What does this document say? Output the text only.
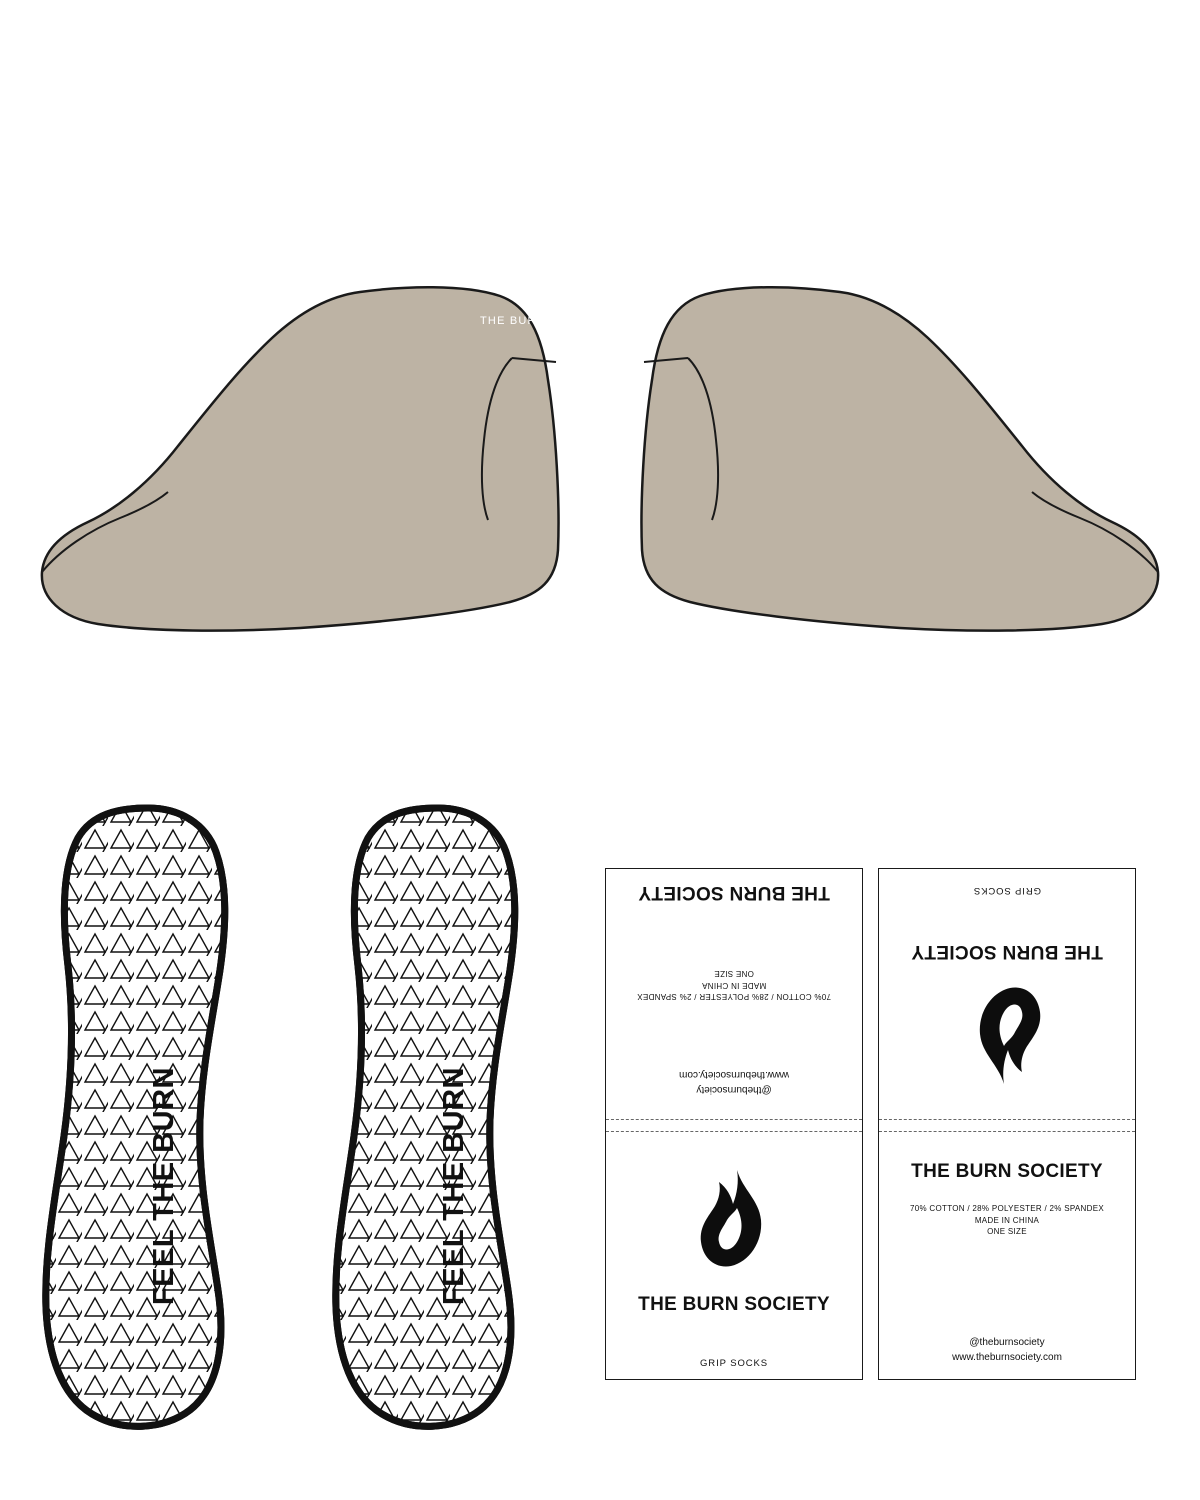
THE BURN	SOCIETY
FEEL THE BURN	FEEL THE BURN	@theburnsociety
www.theburnsociety.com
70% COTTON / 28% POLYESTER / 2% SPANDEX
MADE IN CHINA
ONE SIZE
THE BURN SOCIETY
THE BURN SOCIETY
GRIP SOCKS
THE BURN SOCIETY
GRIP SOCKS
THE BURN SOCIETY
70% COTTON / 28% POLYESTER / 2% SPANDEX
MADE IN CHINA
ONE SIZE
@theburnsociety
www.theburnsociety.com
